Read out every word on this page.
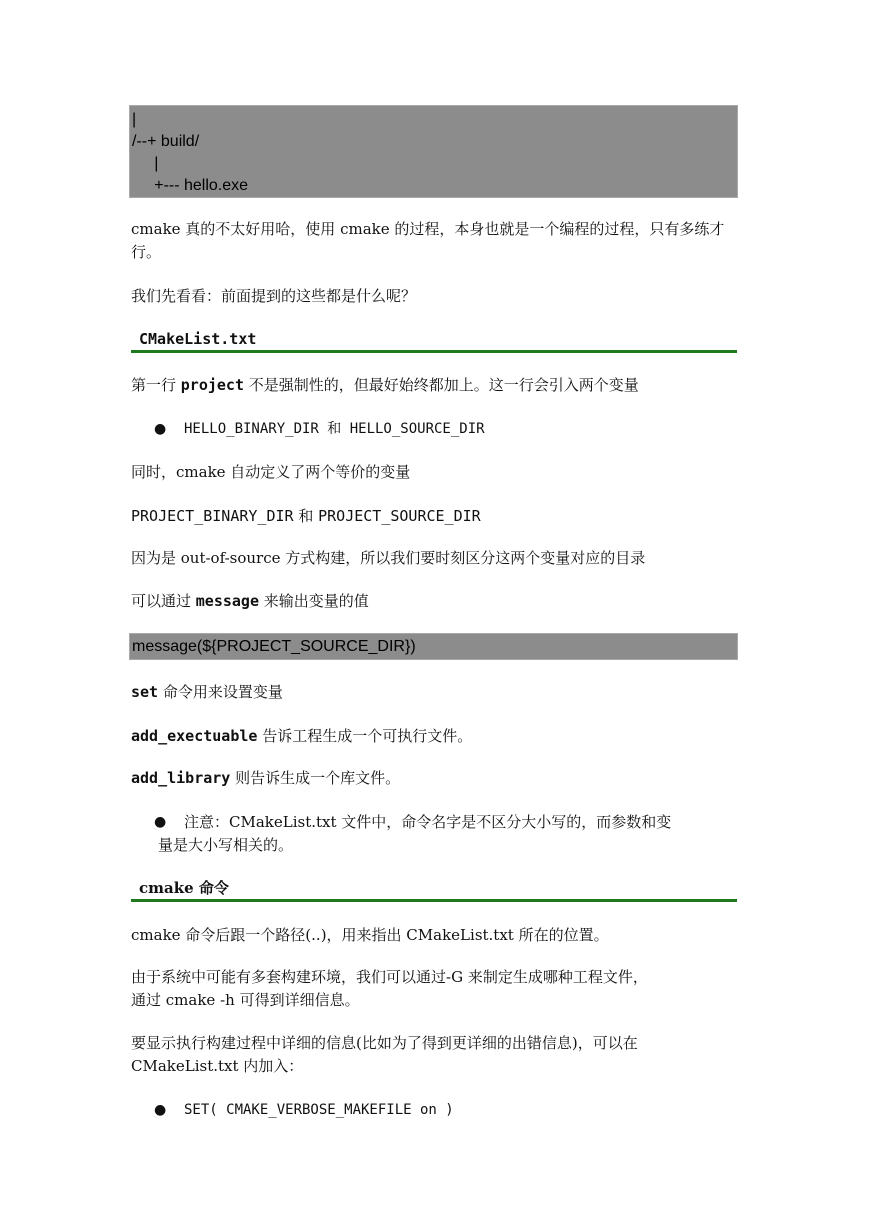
|
/--+ build/
|
+--- hello.exe
cmake 真的不太好用哈，使用 cmake 的过程，本身也就是一个编程的过程，只有多练才行。
我们先看看：前面提到的这些都是什么呢？
CMakeList.txt
第一行 project 不是强制性的，但最好始终都加上。这一行会引入两个变量
● HELLO_BINARY_DIR 和 HELLO_SOURCE_DIR
同时，cmake 自动定义了两个等价的变量
PROJECT_BINARY_DIR 和 PROJECT_SOURCE_DIR
因为是 out-of-source 方式构建，所以我们要时刻区分这两个变量对应的目录
可以通过 message 来输出变量的值
message(${PROJECT_SOURCE_DIR})
set 命令用来设置变量
add_exectuable 告诉工程生成一个可执行文件。
add_library 则告诉生成一个库文件。
● 注意：CMakeList.txt 文件中，命令名字是不区分大小写的，而参数和变
量是大小写相关的。
cmake 命令
cmake 命令后跟一个路径(..)，用来指出 CMakeList.txt 所在的位置。
由于系统中可能有多套构建环境，我们可以通过-G 来制定生成哪种工程文件，
通过 cmake -h 可得到详细信息。
要显示执行构建过程中详细的信息(比如为了得到更详细的出错信息)，可以在
CMakeList.txt 内加入：
● SET( CMAKE_VERBOSE_MAKEFILE on )
